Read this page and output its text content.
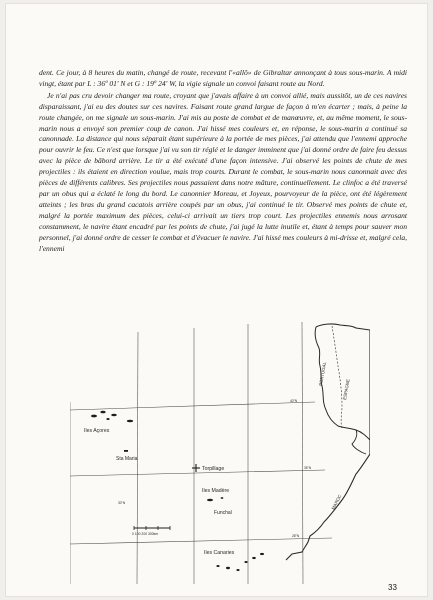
dent. Ce jour, à 8 heures du matin, changé de route, recevant l'«allô» de Gibraltar annonçant à tous sous-marin. A midi vingt, étant par L : 36º 01' N et G : 19º 24' W, la vigie signale un convoi faisant route au Nord.

Je n'ai pas cru devoir changer ma route, croyant que j'avais affaire à un convoi allié, mais aussitôt, un de ces navires disparaissant, j'ai eu des doutes sur ces navires. Faisant route grand largue de façon à m'en écarter ; mais, à peine la route changée, on me signale un sous-marin. J'ai mis au poste de combat et de manœuvre, et, au même moment, le sous-marin nous a envoyé son premier coup de canon. J'ai hissé mes couleurs et, en réponse, le sous-marin a continué sa canonnade. La distance qui nous séparait étant supérieure à la portée de mes pièces, j'ai attendu que l'ennemi approche pour ouvrir le feu. Ce n'est que lorsque j'ai vu son tir réglé et le danger imminent que j'ai donné ordre de faire feu dessus avec la pièce de bâbord arrière. Le tir a été exécuté d'une façon intensive. J'ai observé les points de chute de mes projectiles : ils étaient en direction voulue, mais trop courts. Durant le combat, le sous-marin nous canonnait avec des pièces de différents calibres. Ses projectiles nous passaient dans notre mâture, continuellement. Le clinfoc a été traversé par un obus qui a éclaté le long du bord. Le canonnier Moreau, et Joyeux, pourvoyeur de la pièce, ont été légèrement atteints ; les bras du grand cacatois arrière coupés par un obus, j'ai continué le tir. Observé mes points de chute et, malgré la portée maximum des pièces, celui-ci arrivait un tiers trop court. Les projectiles ennemis nous arrosant constamment, le navire étant encadré par les points de chute, j'ai jugé la lutte inutile et, étant à temps pour sauver mon personnel, j'ai donné ordre de cesser le combat et d'évacuer le navire. J'ai hissé mes couleurs à mi-drisse et, malgré cela, l'ennemi

0 100 200 300km
Iles Açores
Sta Maria
Torpillage
Iles Madère
Funchal
Iles Canaries
PORTUGAL
ESPAGNE
MAROC
40°N
35°N
30°N
28°N
33
